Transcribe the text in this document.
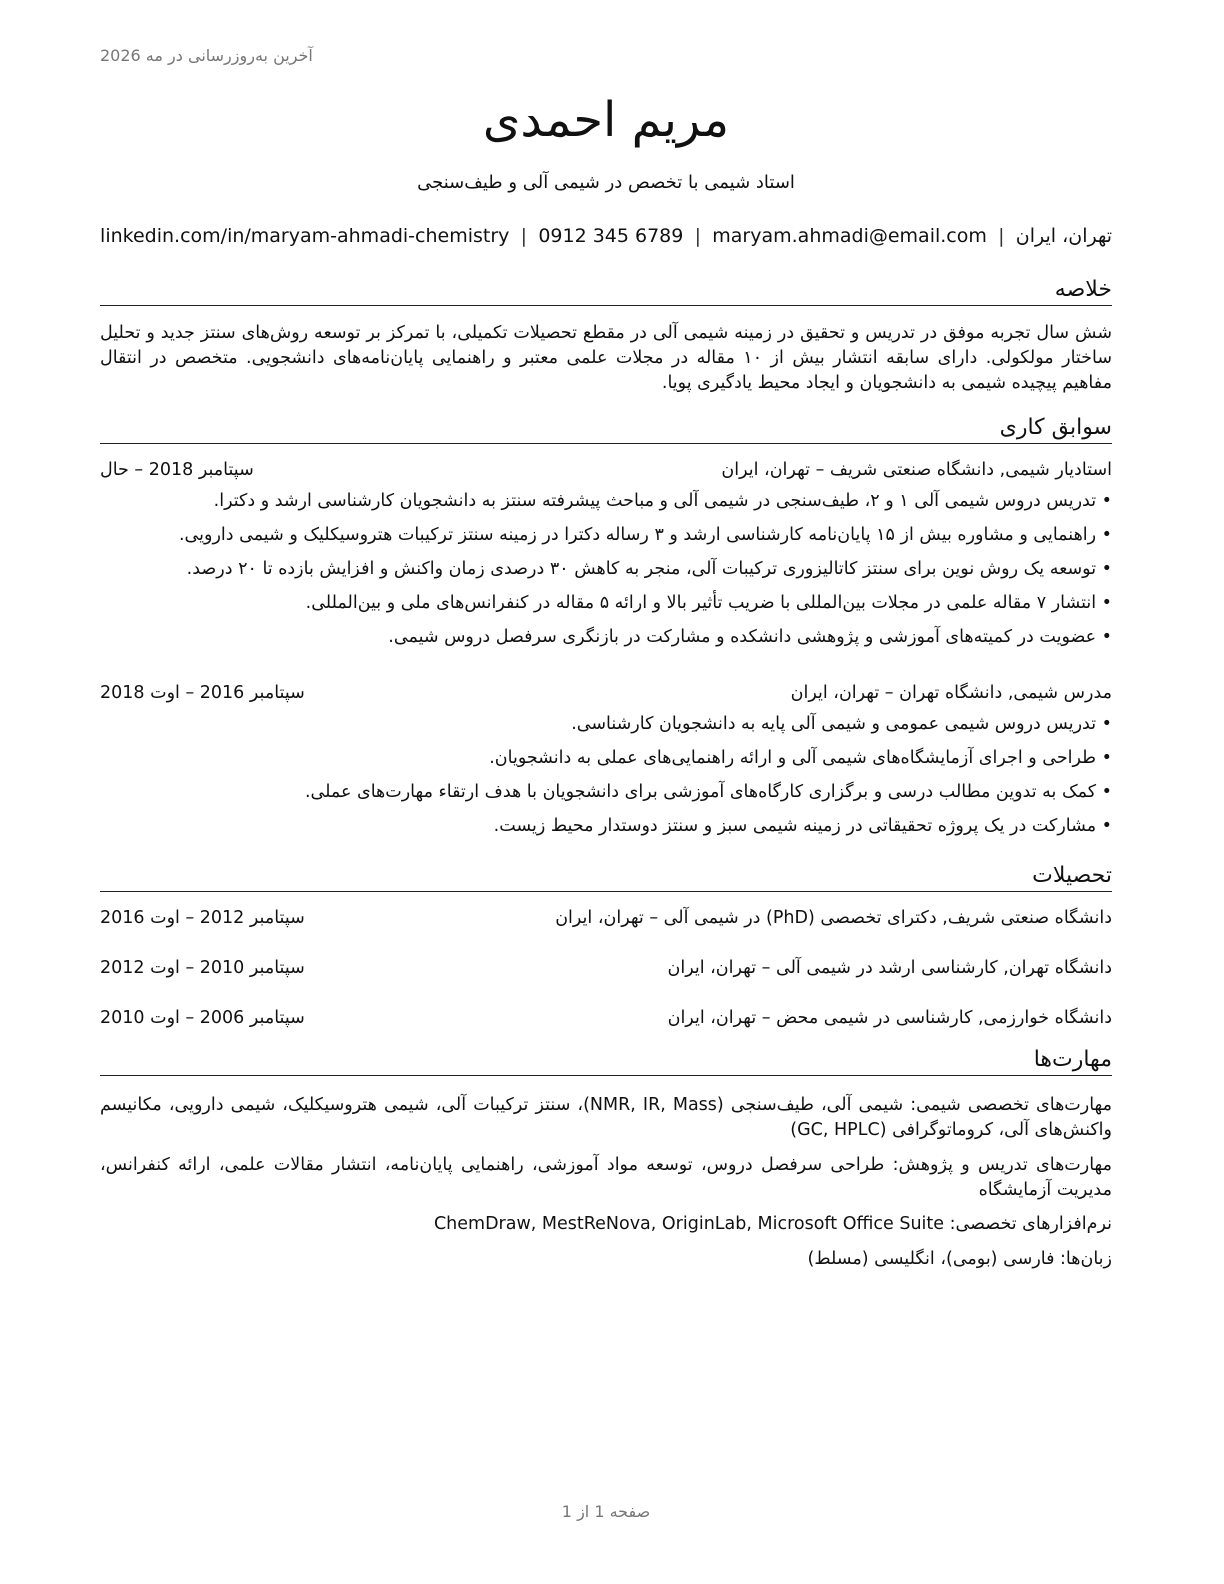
آخرین به‌روزرسانی در مه 2026
مریم احمدی
استاد شیمی با تخصص در شیمی آلی و طیف‌سنجی
تهران، ایران
|
maryam.ahmadi@email.com
|
0912 345 6789
|
linkedin.com/in/maryam-ahmadi-chemistry
خلاصه
شش سال تجربه موفق در تدریس و تحقیق در زمینه شیمی آلی در مقطع تحصیلات تکمیلی، با تمرکز بر توسعه روش‌های سنتز جدید و تحلیل ساختار مولکولی. دارای سابقه انتشار بیش از ۱۰ مقاله در مجلات علمی معتبر و راهنمایی پایان‌نامه‌های دانشجویی. متخصص در انتقال مفاهیم پیچیده شیمی به دانشجویان و ایجاد محیط یادگیری پویا.
سوابق کاری
استادیار شیمی, دانشگاه صنعتی شریف – تهران، ایران
سپتامبر 2018 – حال
• تدریس دروس شیمی آلی ۱ و ۲، طیف‌سنجی در شیمی آلی و مباحث پیشرفته سنتز به دانشجویان کارشناسی ارشد و دکترا.
• راهنمایی و مشاوره بیش از ۱۵ پایان‌نامه کارشناسی ارشد و ۳ رساله دکترا در زمینه سنتز ترکیبات هتروسیکلیک و شیمی دارویی.
• توسعه یک روش نوین برای سنتز کاتالیزوری ترکیبات آلی، منجر به کاهش ۳۰ درصدی زمان واکنش و افزایش بازده تا ۲۰ درصد.
• انتشار ۷ مقاله علمی در مجلات بین‌المللی با ضریب تأثیر بالا و ارائه ۵ مقاله در کنفرانس‌های ملی و بین‌المللی.
• عضویت در کمیته‌های آموزشی و پژوهشی دانشکده و مشارکت در بازنگری سرفصل دروس شیمی.
مدرس شیمی, دانشگاه تهران – تهران، ایران
سپتامبر 2016 – اوت 2018
• تدریس دروس شیمی عمومی و شیمی آلی پایه به دانشجویان کارشناسی.
• طراحی و اجرای آزمایشگاه‌های شیمی آلی و ارائه راهنمایی‌های عملی به دانشجویان.
• کمک به تدوین مطالب درسی و برگزاری کارگاه‌های آموزشی برای دانشجویان با هدف ارتقاء مهارت‌های عملی.
• مشارکت در یک پروژه تحقیقاتی در زمینه شیمی سبز و سنتز دوستدار محیط زیست.
تحصیلات
دانشگاه صنعتی شریف, دکترای تخصصی (PhD) در شیمی آلی – تهران، ایران
سپتامبر 2012 – اوت 2016
دانشگاه تهران, کارشناسی ارشد در شیمی آلی – تهران، ایران
سپتامبر 2010 – اوت 2012
دانشگاه خوارزمی, کارشناسی در شیمی محض – تهران، ایران
سپتامبر 2006 – اوت 2010
مهارت‌ها
مهارت‌های تخصصی شیمی: شیمی آلی، طیف‌سنجی (NMR, IR, Mass)، سنتز ترکیبات آلی، شیمی هتروسیکلیک، شیمی دارویی، مکانیسم واکنش‌های آلی، کروماتوگرافی (GC, HPLC)
مهارت‌های تدریس و پژوهش: طراحی سرفصل دروس، توسعه مواد آموزشی، راهنمایی پایان‌نامه، انتشار مقالات علمی، ارائه کنفرانس، مدیریت آزمایشگاه
نرم‌افزارهای تخصصی: ChemDraw, MestReNova, OriginLab, Microsoft Office Suite
زبان‌ها: فارسی (بومی)، انگلیسی (مسلط)
صفحه 1 از 1
